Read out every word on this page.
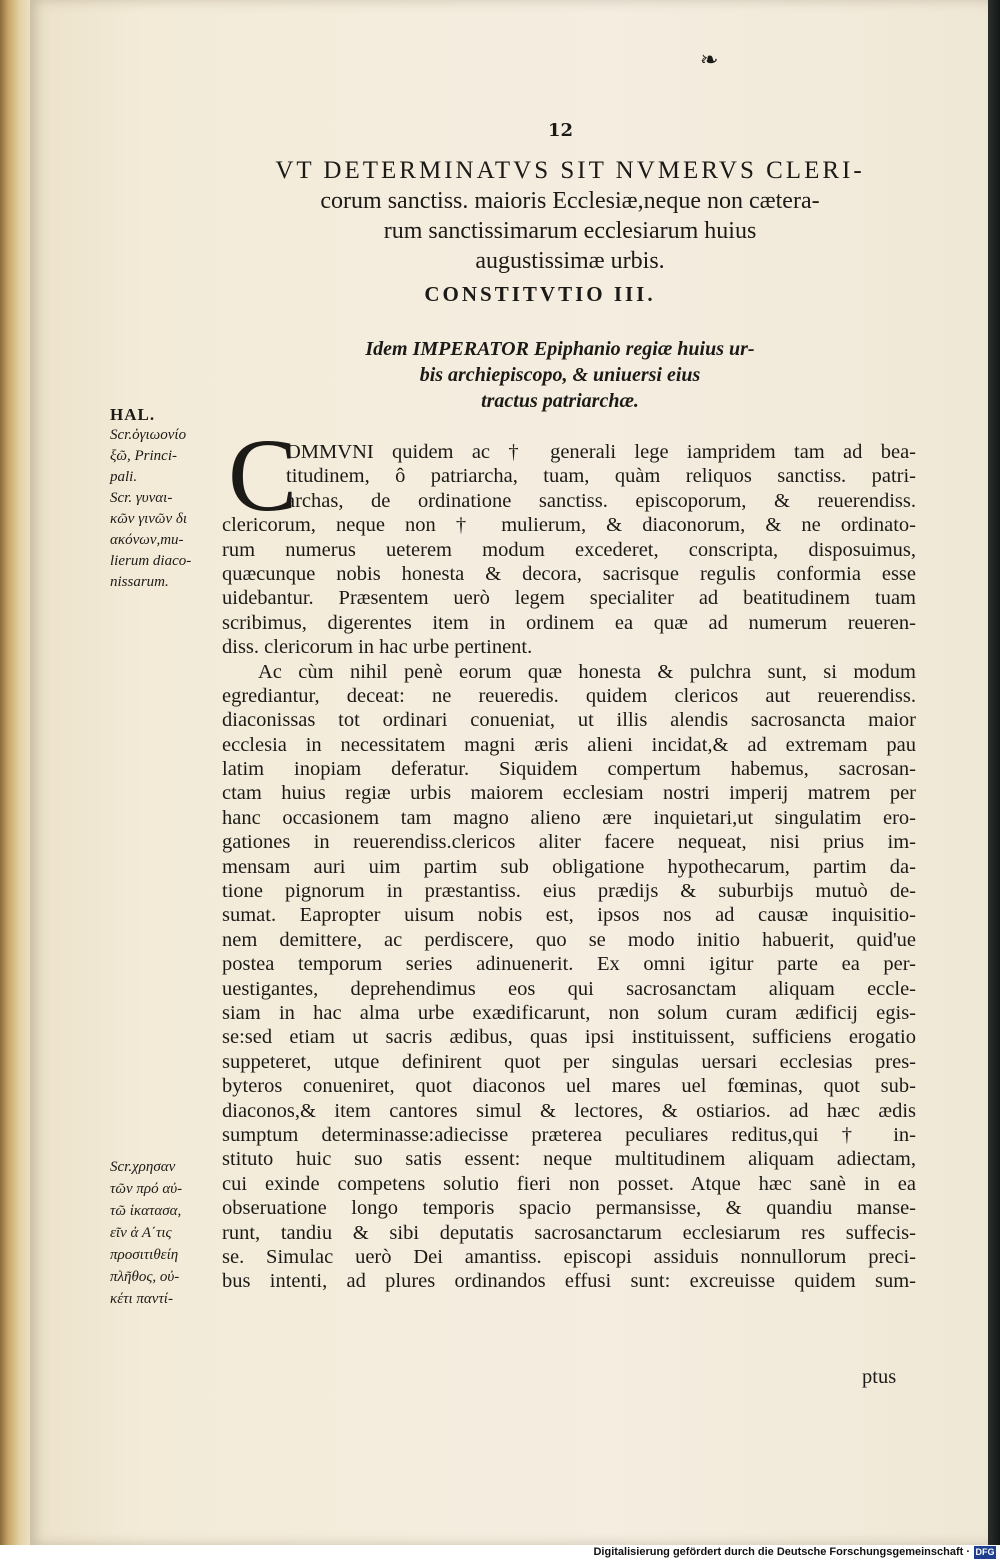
❧
12
VT DETERMINATVS SIT NVMERVS CLERI-
corum sanctiss. maioris Ecclesiæ,neque non cætera-
rum sanctissimarum ecclesiarum huius
augustissimæ urbis.
CONSTITVTIO III.
Idem IMPERATOR Epiphanio regiæ huius ur-
bis archiepiscopo, & uniuersi eius
tractus patriarchæ.
HAL.
Scr.ὁγιωονίο
ξῶ, Princi-
pali.
Scr. γυναι-
κῶν γινῶν δι
ακόνων,mu-
lierum diaco-
nissarum.
Scr.χρησαν
τῶν πρό αὐ-
τῶ ἱκατασα,
εῖν ἀ Α΄τις
προσιτιθείη
πλῆθος, οὐ-
κέτι παντί-
C
OMMVNI quidem ac † generali lege iampridem tam ad bea-
titudinem, ô patriarcha, tuam, quàm reliquos sanctiss. patri-
archas, de ordinatione sanctiss. episcoporum, & reuerendiss.
clericorum, neque non † mulierum, & diaconorum, & ne ordinato-
rum numerus ueterem modum excederet, conscripta, disposuimus,
quæcunque nobis honesta & decora, sacrisque regulis conformia esse
uidebantur. Præsentem uerò legem specialiter ad beatitudinem tuam
scribimus, digerentes item in ordinem ea quæ ad numerum reueren-
diss. clericorum in hac urbe pertinent.
Ac cùm nihil penè eorum quæ honesta & pulchra sunt, si modum
egrediantur, deceat: ne reueredis. quidem clericos aut reuerendiss.
diaconissas tot ordinari conueniat, ut illis alendis sacrosancta maior
ecclesia in necessitatem magni æris alieni incidat,& ad extremam pau
latim inopiam deferatur. Siquidem compertum habemus, sacrosan-
ctam huius regiæ urbis maiorem ecclesiam nostri imperij matrem per
hanc occasionem tam magno alieno ære inquietari,ut singulatim ero-
gationes in reuerendiss.clericos aliter facere nequeat, nisi prius im-
mensam auri uim partim sub obligatione hypothecarum, partim da-
tione pignorum in præstantiss. eius prædijs & suburbijs mutuò de-
sumat. Eapropter uisum nobis est, ipsos nos ad causæ inquisitio-
nem demittere, ac perdiscere, quo se modo initio habuerit, quid'ue
postea temporum series adinuenerit. Ex omni igitur parte ea per-
uestigantes, deprehendimus eos qui sacrosanctam aliquam eccle-
siam in hac alma urbe exædificarunt, non solum curam ædificij egis-
se:sed etiam ut sacris ædibus, quas ipsi instituissent, sufficiens erogatio
suppeteret, utque definirent quot per singulas uersari ecclesias pres-
byteros conueniret, quot diaconos uel mares uel fœminas, quot sub-
diaconos,& item cantores simul & lectores, & ostiarios. ad hæc ædis
sumptum determinasse:adiecisse præterea peculiares reditus,qui † in-
stituto huic suo satis essent: neque multitudinem aliquam adiectam,
cui exinde competens solutio fieri non posset. Atque hæc sanè in ea
obseruatione longo temporis spacio permansisse, & quandiu manse-
runt, tandiu & sibi deputatis sacrosanctarum ecclesiarum res suffecis-
se. Simulac uerò Dei amantiss. episcopi assiduis nonnullorum preci-
bus intenti, ad plures ordinandos effusi sunt: excreuisse quidem sum-
ptus
Digitalisierung gefördert durch die Deutsche Forschungsgemeinschaft · DFG
